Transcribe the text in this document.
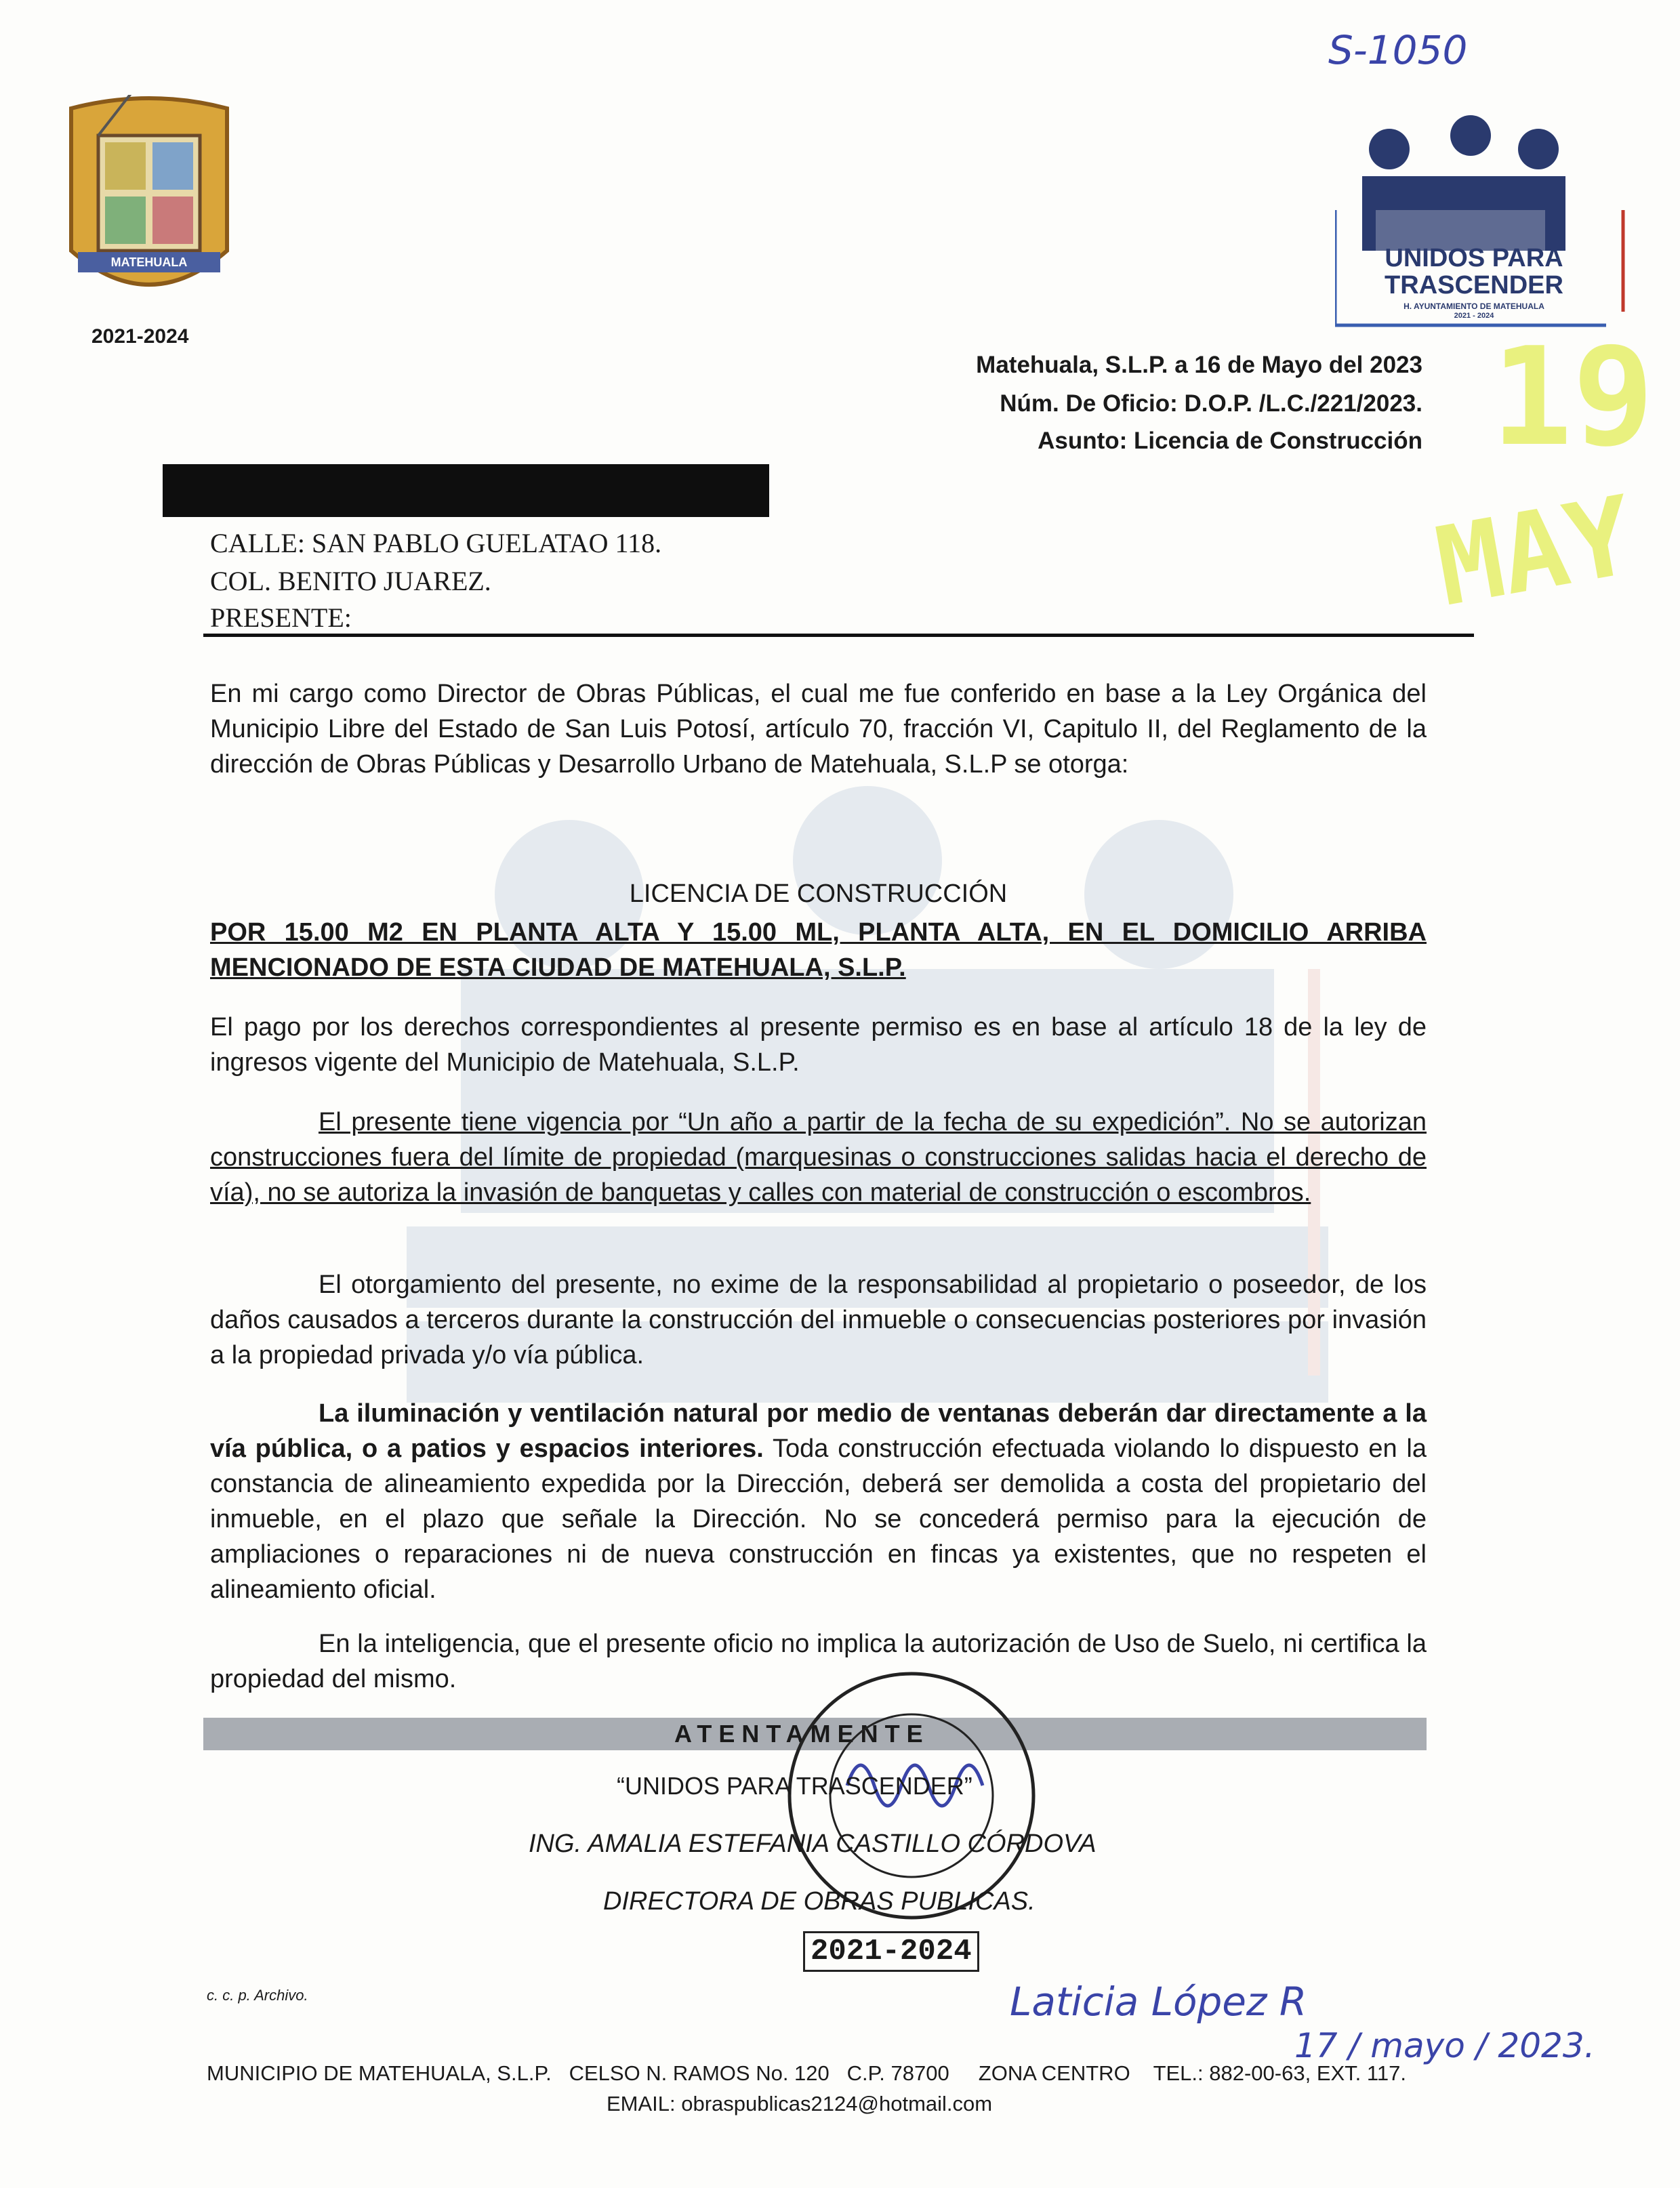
S-1050
MATEHUALA
2021-2024
UNIDOS PARA
TRASCENDER
H. AYUNTAMIENTO DE MATEHUALA
2021 - 2024
19
MAY
Matehuala, S.L.P. a 16 de Mayo del 2023
Núm. De Oficio: D.O.P. /L.C./221/2023.
Asunto: Licencia de Construcción
CALLE: SAN PABLO GUELATAO 118.
COL. BENITO JUAREZ.
PRESENTE:
En mi cargo como Director de Obras Públicas, el cual me fue conferido en base a la Ley Orgánica del Municipio Libre del Estado de San Luis Potosí, artículo 70, fracción VI, Capitulo II, del Reglamento de la dirección de Obras Públicas y Desarrollo Urbano de Matehuala, S.L.P se otorga:
LICENCIA DE CONSTRUCCIÓN
POR 15.00 M2 EN PLANTA ALTA Y 15.00 ML, PLANTA ALTA, EN EL DOMICILIO ARRIBA MENCIONADO DE ESTA CIUDAD DE MATEHUALA, S.L.P.
El pago por los derechos correspondientes al presente permiso es en base al artículo 18 de la ley de ingresos vigente del Municipio de Matehuala, S.L.P.
El presente tiene vigencia por “Un año a partir de la fecha de su expedición”. No se autorizan construcciones fuera del límite de propiedad (marquesinas o construcciones salidas hacia el derecho de vía), no se autoriza la invasión de banquetas y calles con material de construcción o escombros.
El otorgamiento del presente, no exime de la responsabilidad al propietario o poseedor, de los daños causados a terceros durante la construcción del inmueble o consecuencias posteriores por invasión a la propiedad privada y/o vía pública.
La iluminación y ventilación natural por medio de ventanas deberán dar directamente a la vía pública, o a patios y espacios interiores. Toda construcción efectuada violando lo dispuesto en la constancia de alineamiento expedida por la Dirección, deberá ser demolida a costa del propietario del inmueble, en el plazo que señale la Dirección. No se concederá permiso para la ejecución de ampliaciones o reparaciones ni de nueva construcción en fincas ya existentes, que no respeten el alineamiento oficial.
En la inteligencia, que el presente oficio no implica la autorización de Uso de Suelo, ni certifica la propiedad del mismo.
ATENTAMENTE
“UNIDOS PARA TRASCENDER”
ING. AMALIA ESTEFANIA CASTILLO CÓRDOVA
DIRECTORA DE OBRAS PUBLICAS.
2021-2024
c. c. p. Archivo.	Laticia López R
17 / mayo / 2023.
MUNICIPIO DE MATEHUALA, S.L.P.   CELSO N. RAMOS No. 120   C.P. 78700     ZONA CENTRO    TEL.: 882-00-63, EXT. 117.
EMAIL: obraspublicas2124@hotmail.com
